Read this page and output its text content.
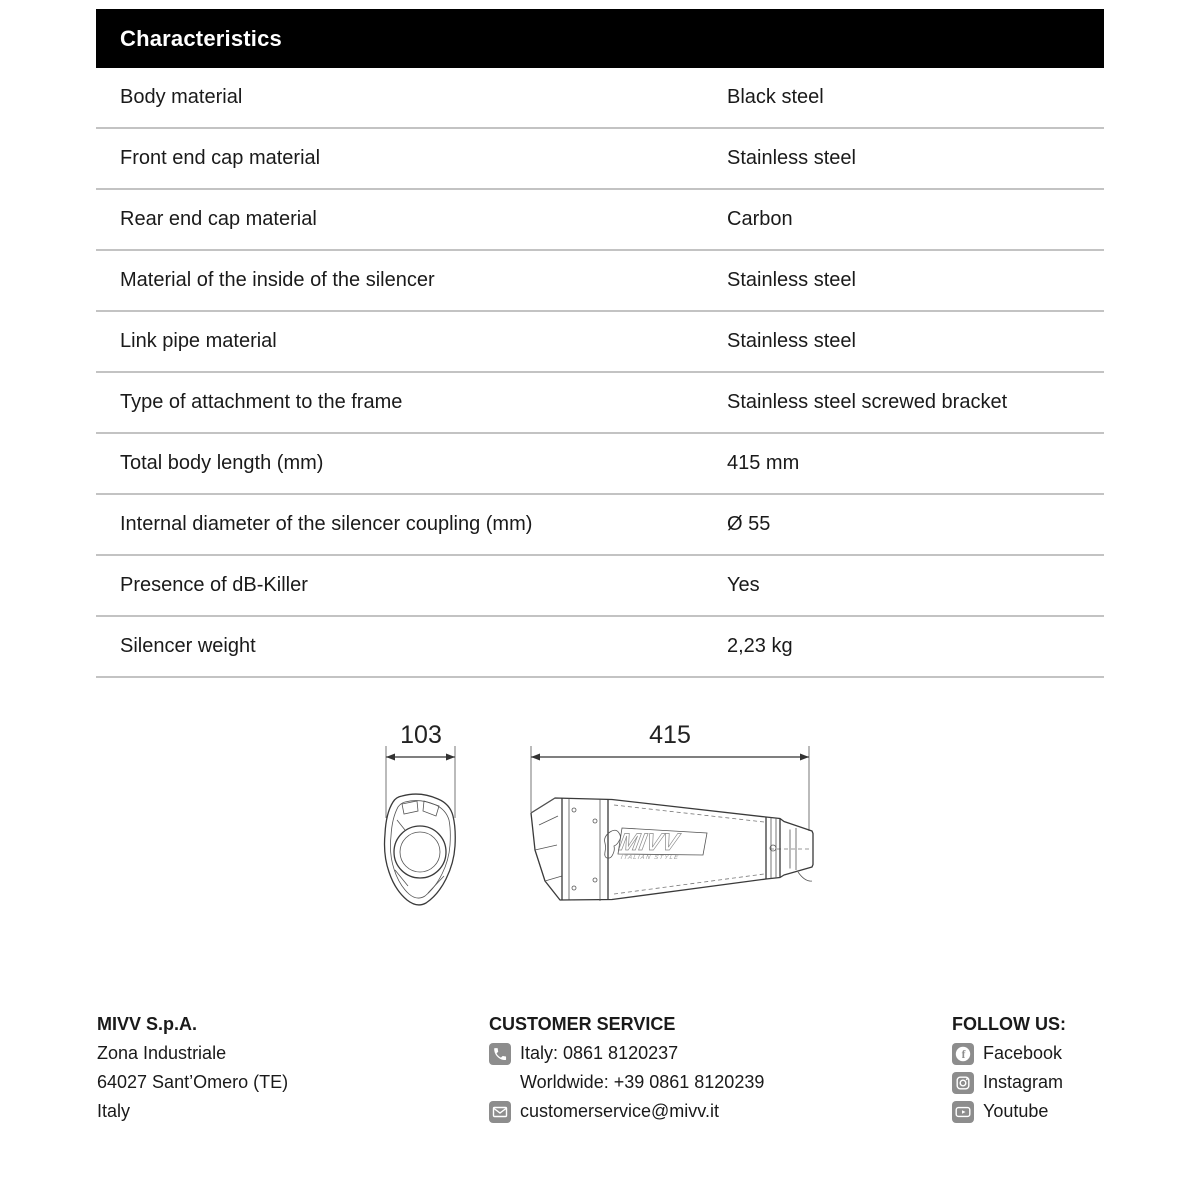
Characteristics
Body material	Black steel
Front end cap material	Stainless steel
Rear end cap material	Carbon
Material of the inside of the silencer	Stainless steel
Link pipe material	Stainless steel
Type of attachment to the frame	Stainless steel screwed bracket
Total body length (mm)	415 mm
Internal diameter of the silencer coupling (mm)	Ø 55
Presence of dB-Killer	Yes
Silencer weight	2,23 kg
103	415
MIVV
ITALIAN STYLE
MIVV S.p.A.
Zona Industriale
64027 Sant’Omero (TE)
Italy
CUSTOMER SERVICE
Italy: 0861 8120237
Worldwide: +39 0861 8120239
customerservice@mivv.it
FOLLOW US:
f Facebook
Instagram
Youtube
